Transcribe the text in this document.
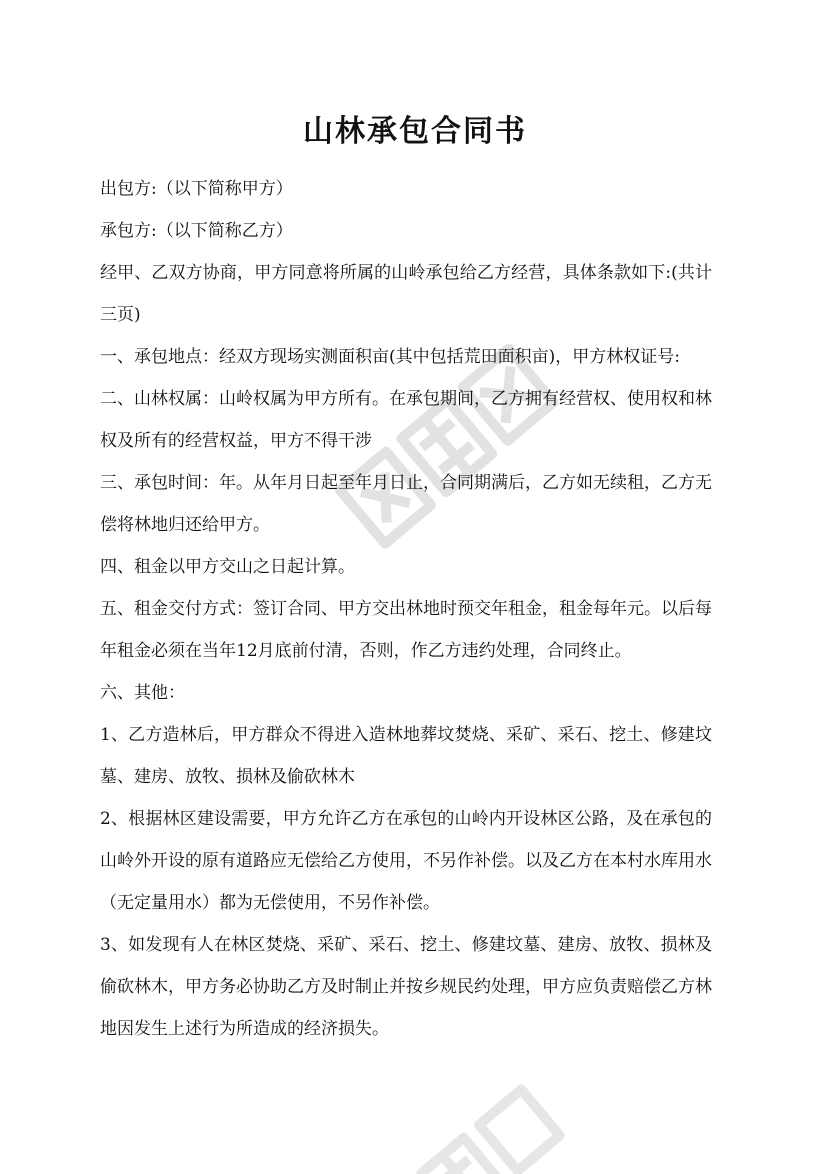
山林承包合同书

出包方:（以下简称甲方）

承包方:（以下简称乙方）

经甲、乙双方协商，甲方同意将所属的山岭承包给乙方经营，具体条款如下:(共计三页)

一、承包地点：经双方现场实测面积亩(其中包括荒田面积亩)，甲方林权证号:

二、山林权属：山岭权属为甲方所有。在承包期间，乙方拥有经营权、使用权和林权及所有的经营权益，甲方不得干涉

三、承包时间：年。从年月日起至年月日止，合同期满后，乙方如无续租，乙方无偿将林地归还给甲方。

四、租金以甲方交山之日起计算。

五、租金交付方式：签订合同、甲方交出林地时预交年租金，租金每年元。以后每年租金必须在当年12月底前付清，否则，作乙方违约处理，合同终止。

六、其他：

1、乙方造林后，甲方群众不得进入造林地葬坟焚烧、采矿、采石、挖土、修建坟墓、建房、放牧、损林及偷砍林木

2、根据林区建设需要，甲方允许乙方在承包的山岭内开设林区公路，及在承包的山岭外开设的原有道路应无偿给乙方使用，不另作补偿。以及乙方在本村水库用水（无定量用水）都为无偿使用，不另作补偿。

3、如发现有人在林区焚烧、采矿、采石、挖土、修建坟墓、建房、放牧、损林及偷砍林木，甲方务必协助乙方及时制止并按乡规民约处理，甲方应负责赔偿乙方林地因发生上述行为所造成的经济损失。
